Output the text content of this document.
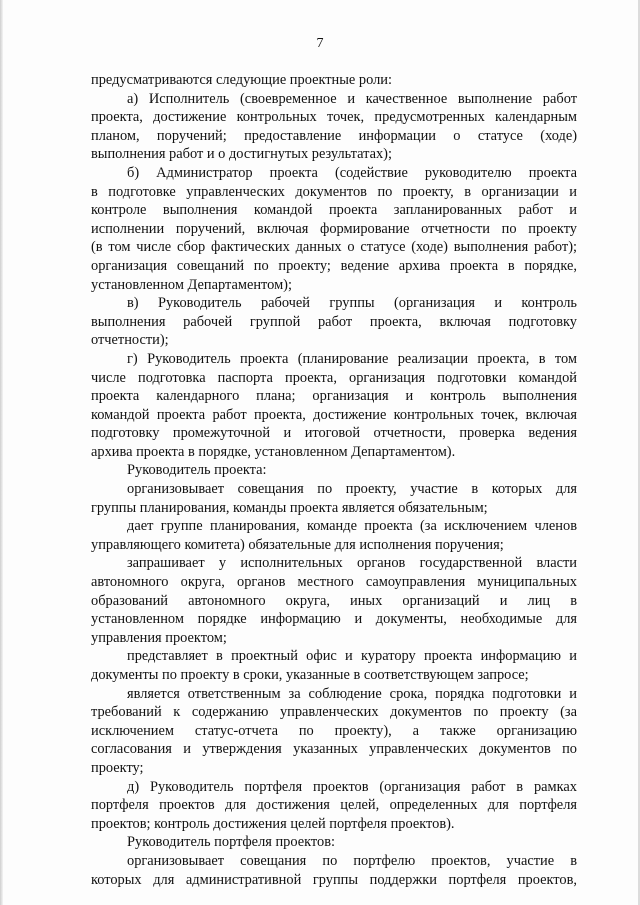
7
предусматриваются следующие проектные роли:
а) Исполнитель (своевременное и качественное выполнение работ
проекта, достижение контрольных точек, предусмотренных календарным
планом, поручений; предоставление информации о статусе (ходе)
выполнения работ и о достигнутых результатах);
б) Администратор проекта (содействие руководителю проекта
в подготовке управленческих документов по проекту, в организации и
контроле выполнения командой проекта запланированных работ и
исполнении поручений, включая формирование отчетности по проекту
(в том числе сбор фактических данных о статусе (ходе) выполнения работ);
организация совещаний по проекту; ведение архива проекта в порядке,
установленном Департаментом);
в) Руководитель рабочей группы (организация и контроль
выполнения рабочей группой работ проекта, включая подготовку
отчетности);
г) Руководитель проекта (планирование реализации проекта, в том
числе подготовка паспорта проекта, организация подготовки командой
проекта календарного плана; организация и контроль выполнения
командой проекта работ проекта, достижение контрольных точек, включая
подготовку промежуточной и итоговой отчетности, проверка ведения
архива проекта в порядке, установленном Департаментом).
Руководитель проекта:
организовывает совещания по проекту, участие в которых для
группы планирования, команды проекта является обязательным;
дает группе планирования, команде проекта (за исключением членов
управляющего комитета) обязательные для исполнения поручения;
запрашивает у исполнительных органов государственной власти
автономного округа, органов местного самоуправления муниципальных
образований автономного округа, иных организаций и лиц в
установленном порядке информацию и документы, необходимые для
управления проектом;
представляет в проектный офис и куратору проекта информацию и
документы по проекту в сроки, указанные в соответствующем запросе;
является ответственным за соблюдение срока, порядка подготовки и
требований к содержанию управленческих документов по проекту (за
исключением статус-отчета по проекту), а также организацию
согласования и утверждения указанных управленческих документов по
проекту;
д) Руководитель портфеля проектов (организация работ в рамках
портфеля проектов для достижения целей, определенных для портфеля
проектов; контроль достижения целей портфеля проектов).
Руководитель портфеля проектов:
организовывает совещания по портфелю проектов, участие в
которых для административной группы поддержки портфеля проектов,
